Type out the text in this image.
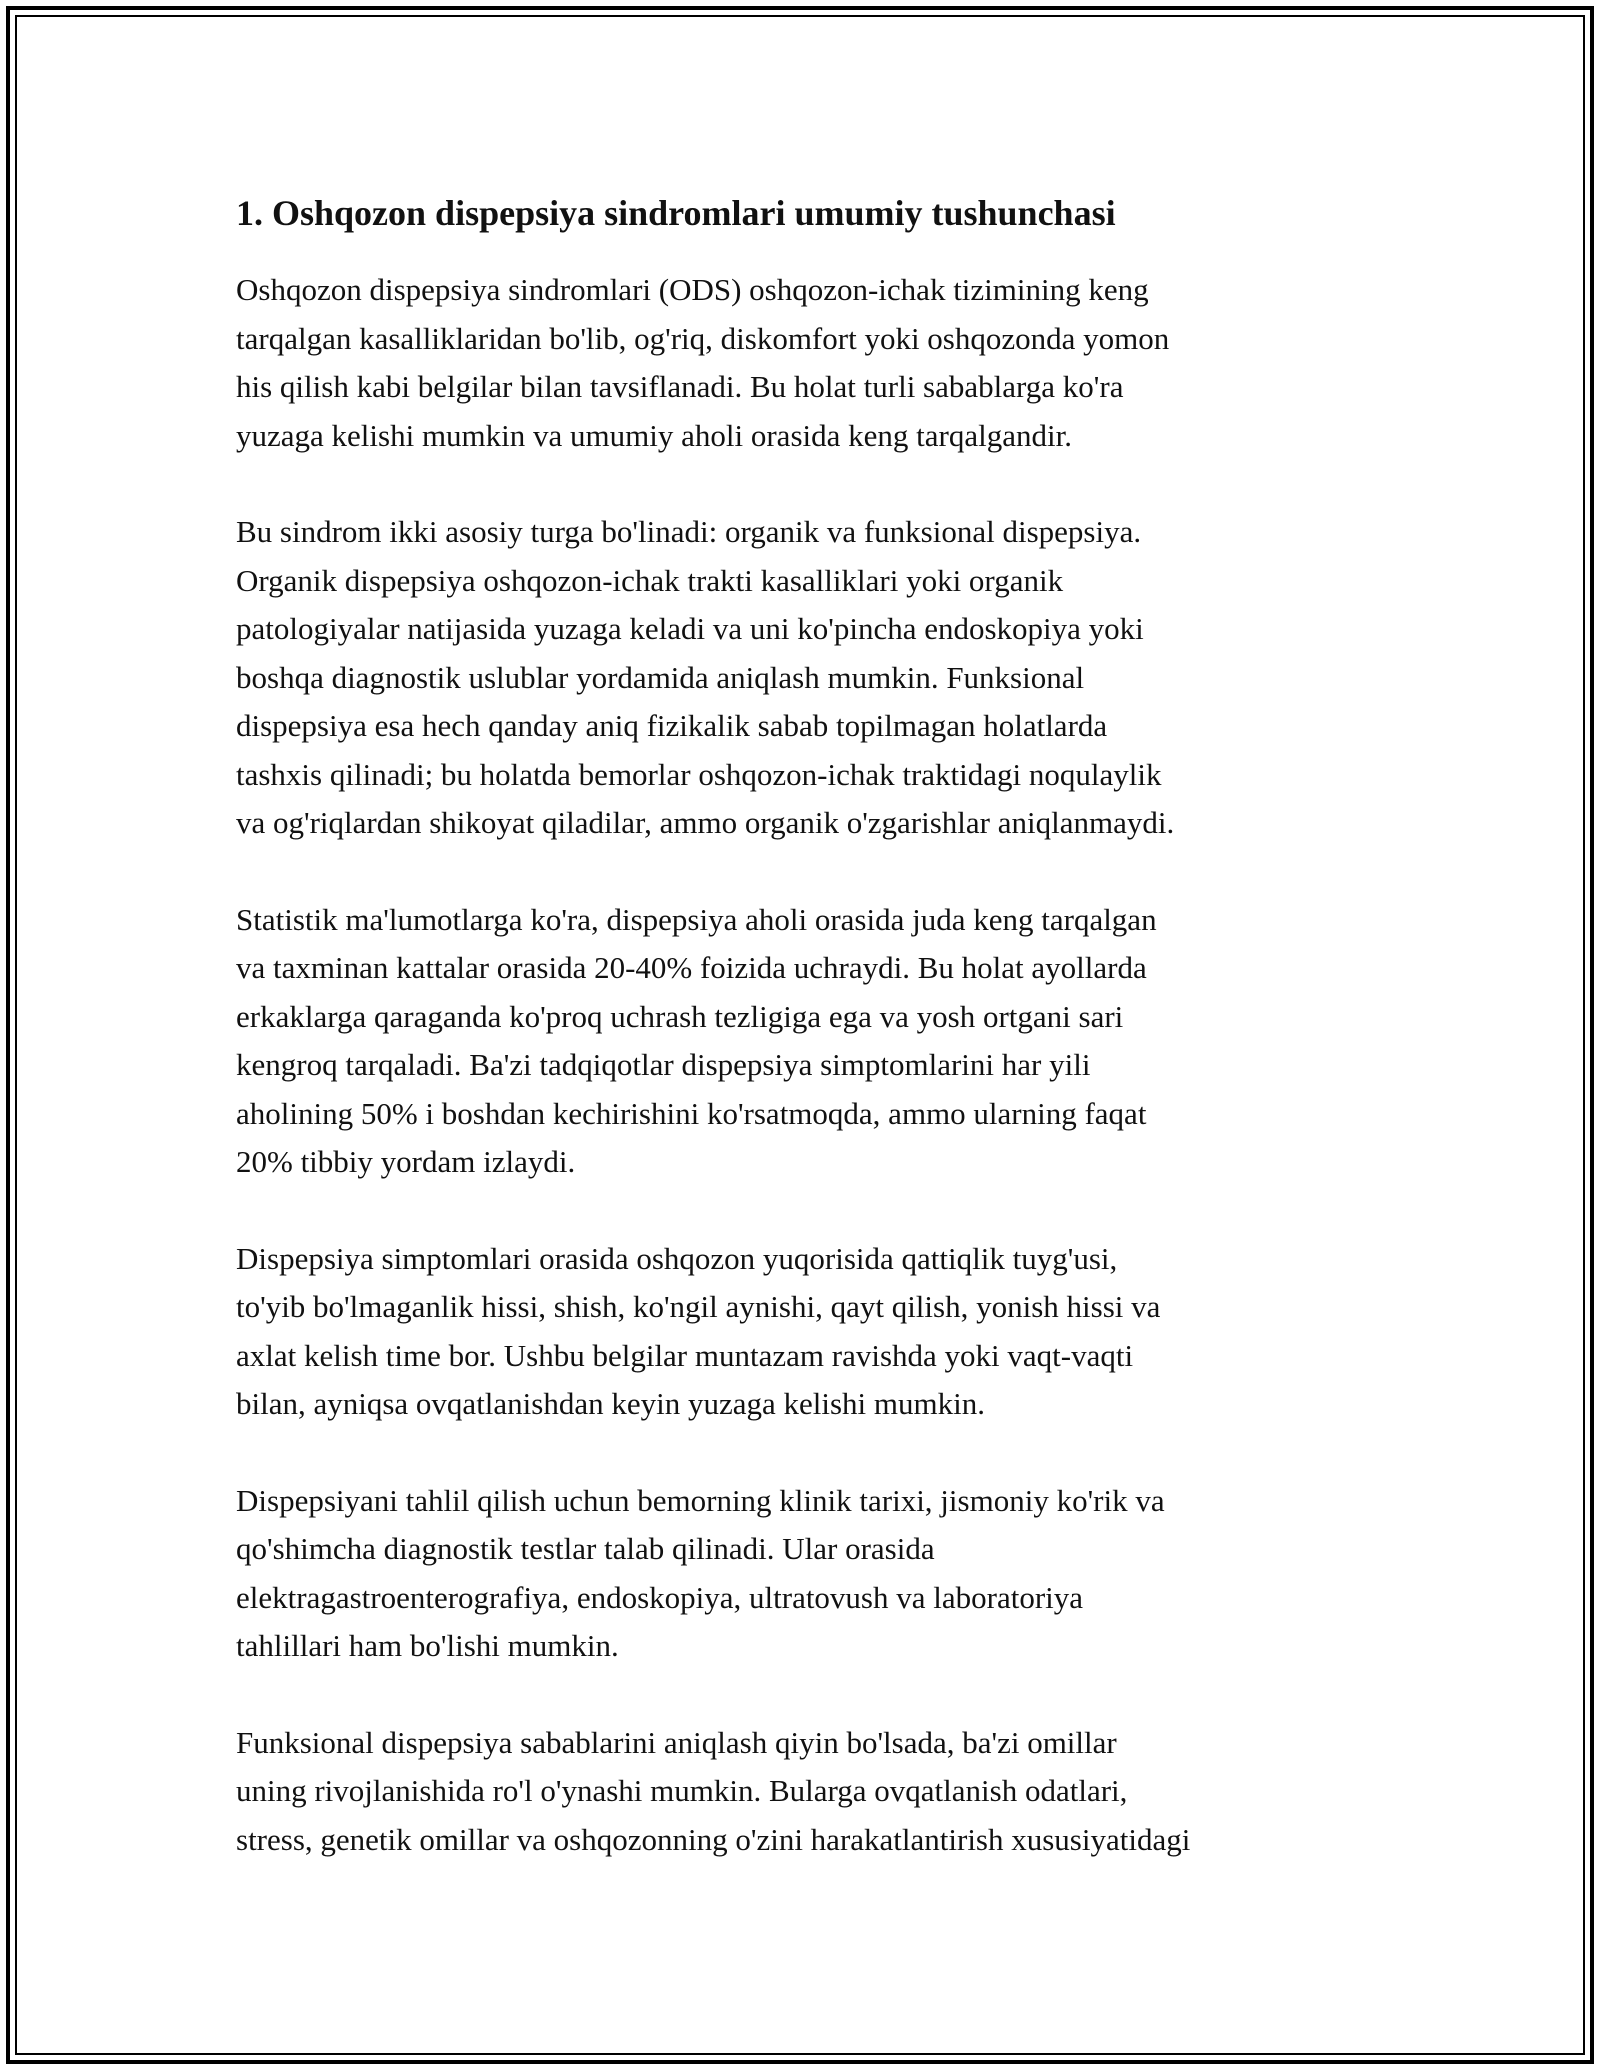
1. Oshqozon dispepsiya sindromlari umumiy tushunchasi
Oshqozon dispepsiya sindromlari (ODS) oshqozon-ichak tizimining keng
tarqalgan kasalliklaridan bo'lib, og'riq, diskomfort yoki oshqozonda yomon
his qilish kabi belgilar bilan tavsiflanadi. Bu holat turli sabablarga ko'ra
yuzaga kelishi mumkin va umumiy aholi orasida keng tarqalgandir.
Bu sindrom ikki asosiy turga bo'linadi: organik va funksional dispepsiya.
Organik dispepsiya oshqozon-ichak trakti kasalliklari yoki organik
patologiyalar natijasida yuzaga keladi va uni ko'pincha endoskopiya yoki
boshqa diagnostik uslublar yordamida aniqlash mumkin. Funksional
dispepsiya esa hech qanday aniq fizikalik sabab topilmagan holatlarda
tashxis qilinadi; bu holatda bemorlar oshqozon-ichak traktidagi noqulaylik
va og'riqlardan shikoyat qiladilar, ammo organik o'zgarishlar aniqlanmaydi.
Statistik ma'lumotlarga ko'ra, dispepsiya aholi orasida juda keng tarqalgan
va taxminan kattalar orasida 20-40% foizida uchraydi. Bu holat ayollarda
erkaklarga qaraganda ko'proq uchrash tezligiga ega va yosh ortgani sari
kengroq tarqaladi. Ba'zi tadqiqotlar dispepsiya simptomlarini har yili
aholining 50% i boshdan kechirishini ko'rsatmoqda, ammo ularning faqat
20% tibbiy yordam izlaydi.
Dispepsiya simptomlari orasida oshqozon yuqorisida qattiqlik tuyg'usi,
to'yib bo'lmaganlik hissi, shish, ko'ngil aynishi, qayt qilish, yonish hissi va
axlat kelish time bor. Ushbu belgilar muntazam ravishda yoki vaqt-vaqti
bilan, ayniqsa ovqatlanishdan keyin yuzaga kelishi mumkin.
Dispepsiyani tahlil qilish uchun bemorning klinik tarixi, jismoniy ko'rik va
qo'shimcha diagnostik testlar talab qilinadi. Ular orasida
elektragastroenterografiya, endoskopiya, ultratovush va laboratoriya
tahlillari ham bo'lishi mumkin.
Funksional dispepsiya sabablarini aniqlash qiyin bo'lsada, ba'zi omillar
uning rivojlanishida ro'l o'ynashi mumkin. Bularga ovqatlanish odatlari,
stress, genetik omillar va oshqozonning o'zini harakatlantirish xususiyatidagi
